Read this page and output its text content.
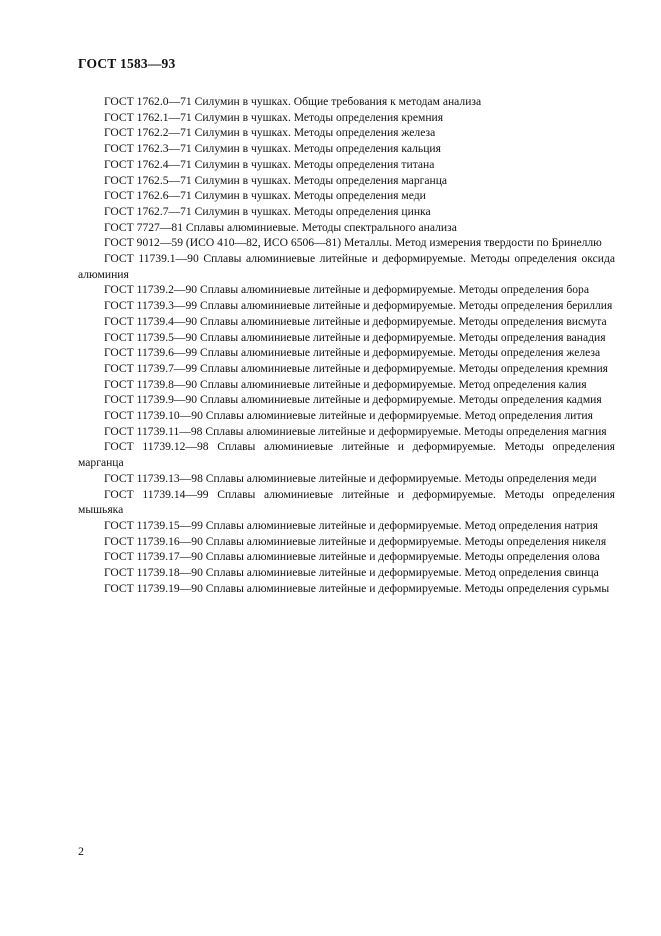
ГОСТ 1583—93

ГОСТ 1762.0—71 Силумин в чушках. Общие требования к методам анализа

ГОСТ 1762.1—71 Силумин в чушках. Методы определения кремния

ГОСТ 1762.2—71 Силумин в чушках. Методы определения железа

ГОСТ 1762.3—71 Силумин в чушках. Методы определения кальция

ГОСТ 1762.4—71 Силумин в чушках. Методы определения титана

ГОСТ 1762.5—71 Силумин в чушках. Методы определения марганца

ГОСТ 1762.6—71 Силумин в чушках. Методы определения меди

ГОСТ 1762.7—71 Силумин в чушках. Методы определения цинка

ГОСТ 7727—81 Сплавы алюминиевые. Методы спектрального анализа

ГОСТ 9012—59 (ИСО 410—82, ИСО 6506—81) Металлы. Метод измерения твердости по Бринеллю

ГОСТ 11739.1—90 Сплавы алюминиевые литейные и деформируемые. Методы определения оксида алюминия

ГОСТ 11739.2—90 Сплавы алюминиевые литейные и деформируемые. Методы определения бора

ГОСТ 11739.3—99 Сплавы алюминиевые литейные и деформируемые. Методы определения бериллия

ГОСТ 11739.4—90 Сплавы алюминиевые литейные и деформируемые. Методы определения висмута

ГОСТ 11739.5—90 Сплавы алюминиевые литейные и деформируемые. Методы определения ванадия

ГОСТ 11739.6—99 Сплавы алюминиевые литейные и деформируемые. Методы определения железа

ГОСТ 11739.7—99 Сплавы алюминиевые литейные и деформируемые. Методы определения кремния

ГОСТ 11739.8—90 Сплавы алюминиевые литейные и деформируемые. Метод определения калия

ГОСТ 11739.9—90 Сплавы алюминиевые литейные и деформируемые. Методы определения кадмия

ГОСТ 11739.10—90 Сплавы алюминиевые литейные и деформируемые. Метод определения лития

ГОСТ 11739.11—98 Сплавы алюминиевые литейные и деформируемые. Методы определения магния

ГОСТ 11739.12—98 Сплавы алюминиевые литейные и деформируемые. Методы определения марганца

ГОСТ 11739.13—98 Сплавы алюминиевые литейные и деформируемые. Методы определения меди

ГОСТ 11739.14—99 Сплавы алюминиевые литейные и деформируемые. Методы определения мышьяка

ГОСТ 11739.15—99 Сплавы алюминиевые литейные и деформируемые. Метод определения натрия

ГОСТ 11739.16—90 Сплавы алюминиевые литейные и деформируемые. Методы определения никеля

ГОСТ 11739.17—90 Сплавы алюминиевые литейные и деформируемые. Методы определения олова

ГОСТ 11739.18—90 Сплавы алюминиевые литейные и деформируемые. Метод определения свинца

ГОСТ 11739.19—90 Сплавы алюминиевые литейные и деформируемые. Методы определения сурьмы

2
